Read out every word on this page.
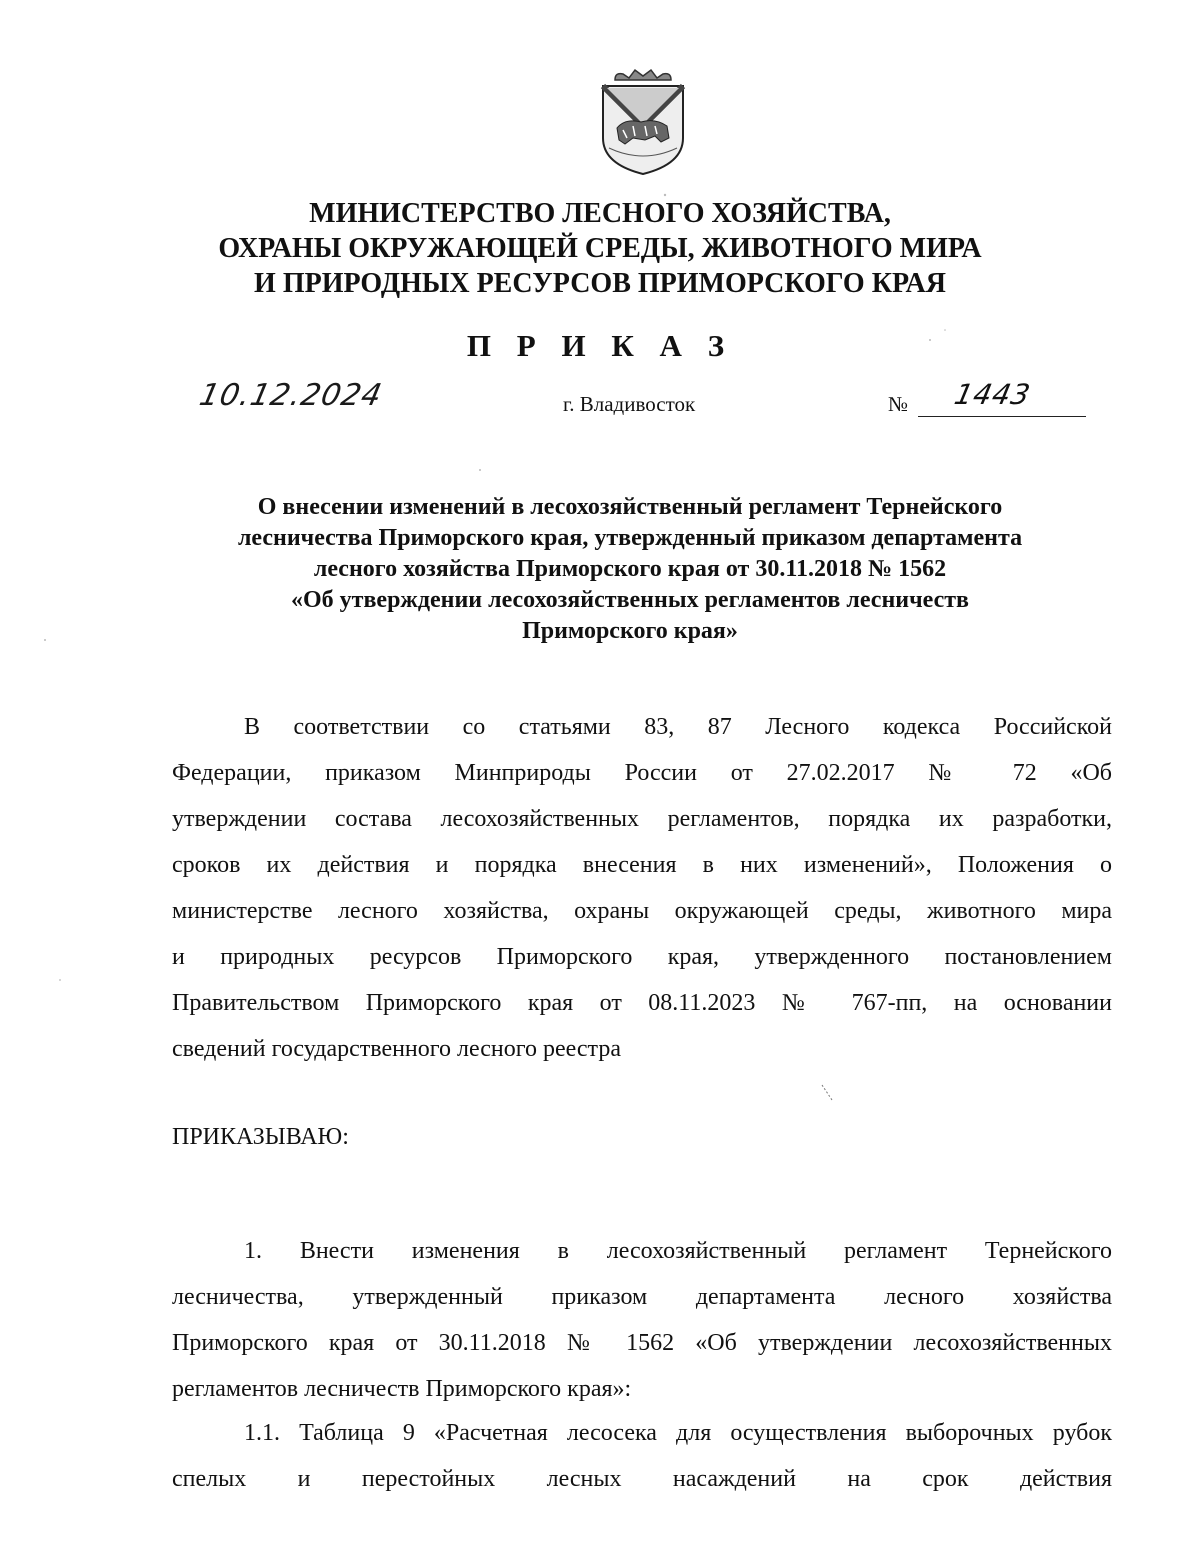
МИНИСТЕРСТВО ЛЕСНОГО ХОЗЯЙСТВА,
ОХРАНЫ ОКРУЖАЮЩЕЙ СРЕДЫ, ЖИВОТНОГО МИРА
И ПРИРОДНЫХ РЕСУРСОВ ПРИМОРСКОГО КРАЯ
П Р И К А З
10.12.2024	г. Владивосток	№ 1443
О внесении изменений в лесохозяйственный регламент Тернейского
лесничества Приморского края, утвержденный приказом департамента
лесного хозяйства Приморского края от 30.11.2018 № 1562
«Об утверждении лесохозяйственных регламентов лесничеств
Приморского края»
В соответствии со статьями 83, 87 Лесного кодекса Российской
Федерации, приказом Минприроды России от 27.02.2017 № 72 «Об
утверждении состава лесохозяйственных регламентов, порядка их разработки,
сроков их действия и порядка внесения в них изменений», Положения о
министерстве лесного хозяйства, охраны окружающей среды, животного мира
и природных ресурсов Приморского края, утвержденного постановлением
Правительством Приморского края от 08.11.2023 № 767-пп, на основании
сведений государственного лесного реестра
ПРИКАЗЫВАЮ:
1. Внести изменения в лесохозяйственный регламент Тернейского
лесничества, утвержденный приказом департамента лесного хозяйства
Приморского края от 30.11.2018 № 1562 «Об утверждении лесохозяйственных
регламентов лесничеств Приморского края»:
1.1. Таблица 9 «Расчетная лесосека для осуществления выборочных рубок
спелых и перестойных лесных насаждений на срок действия
